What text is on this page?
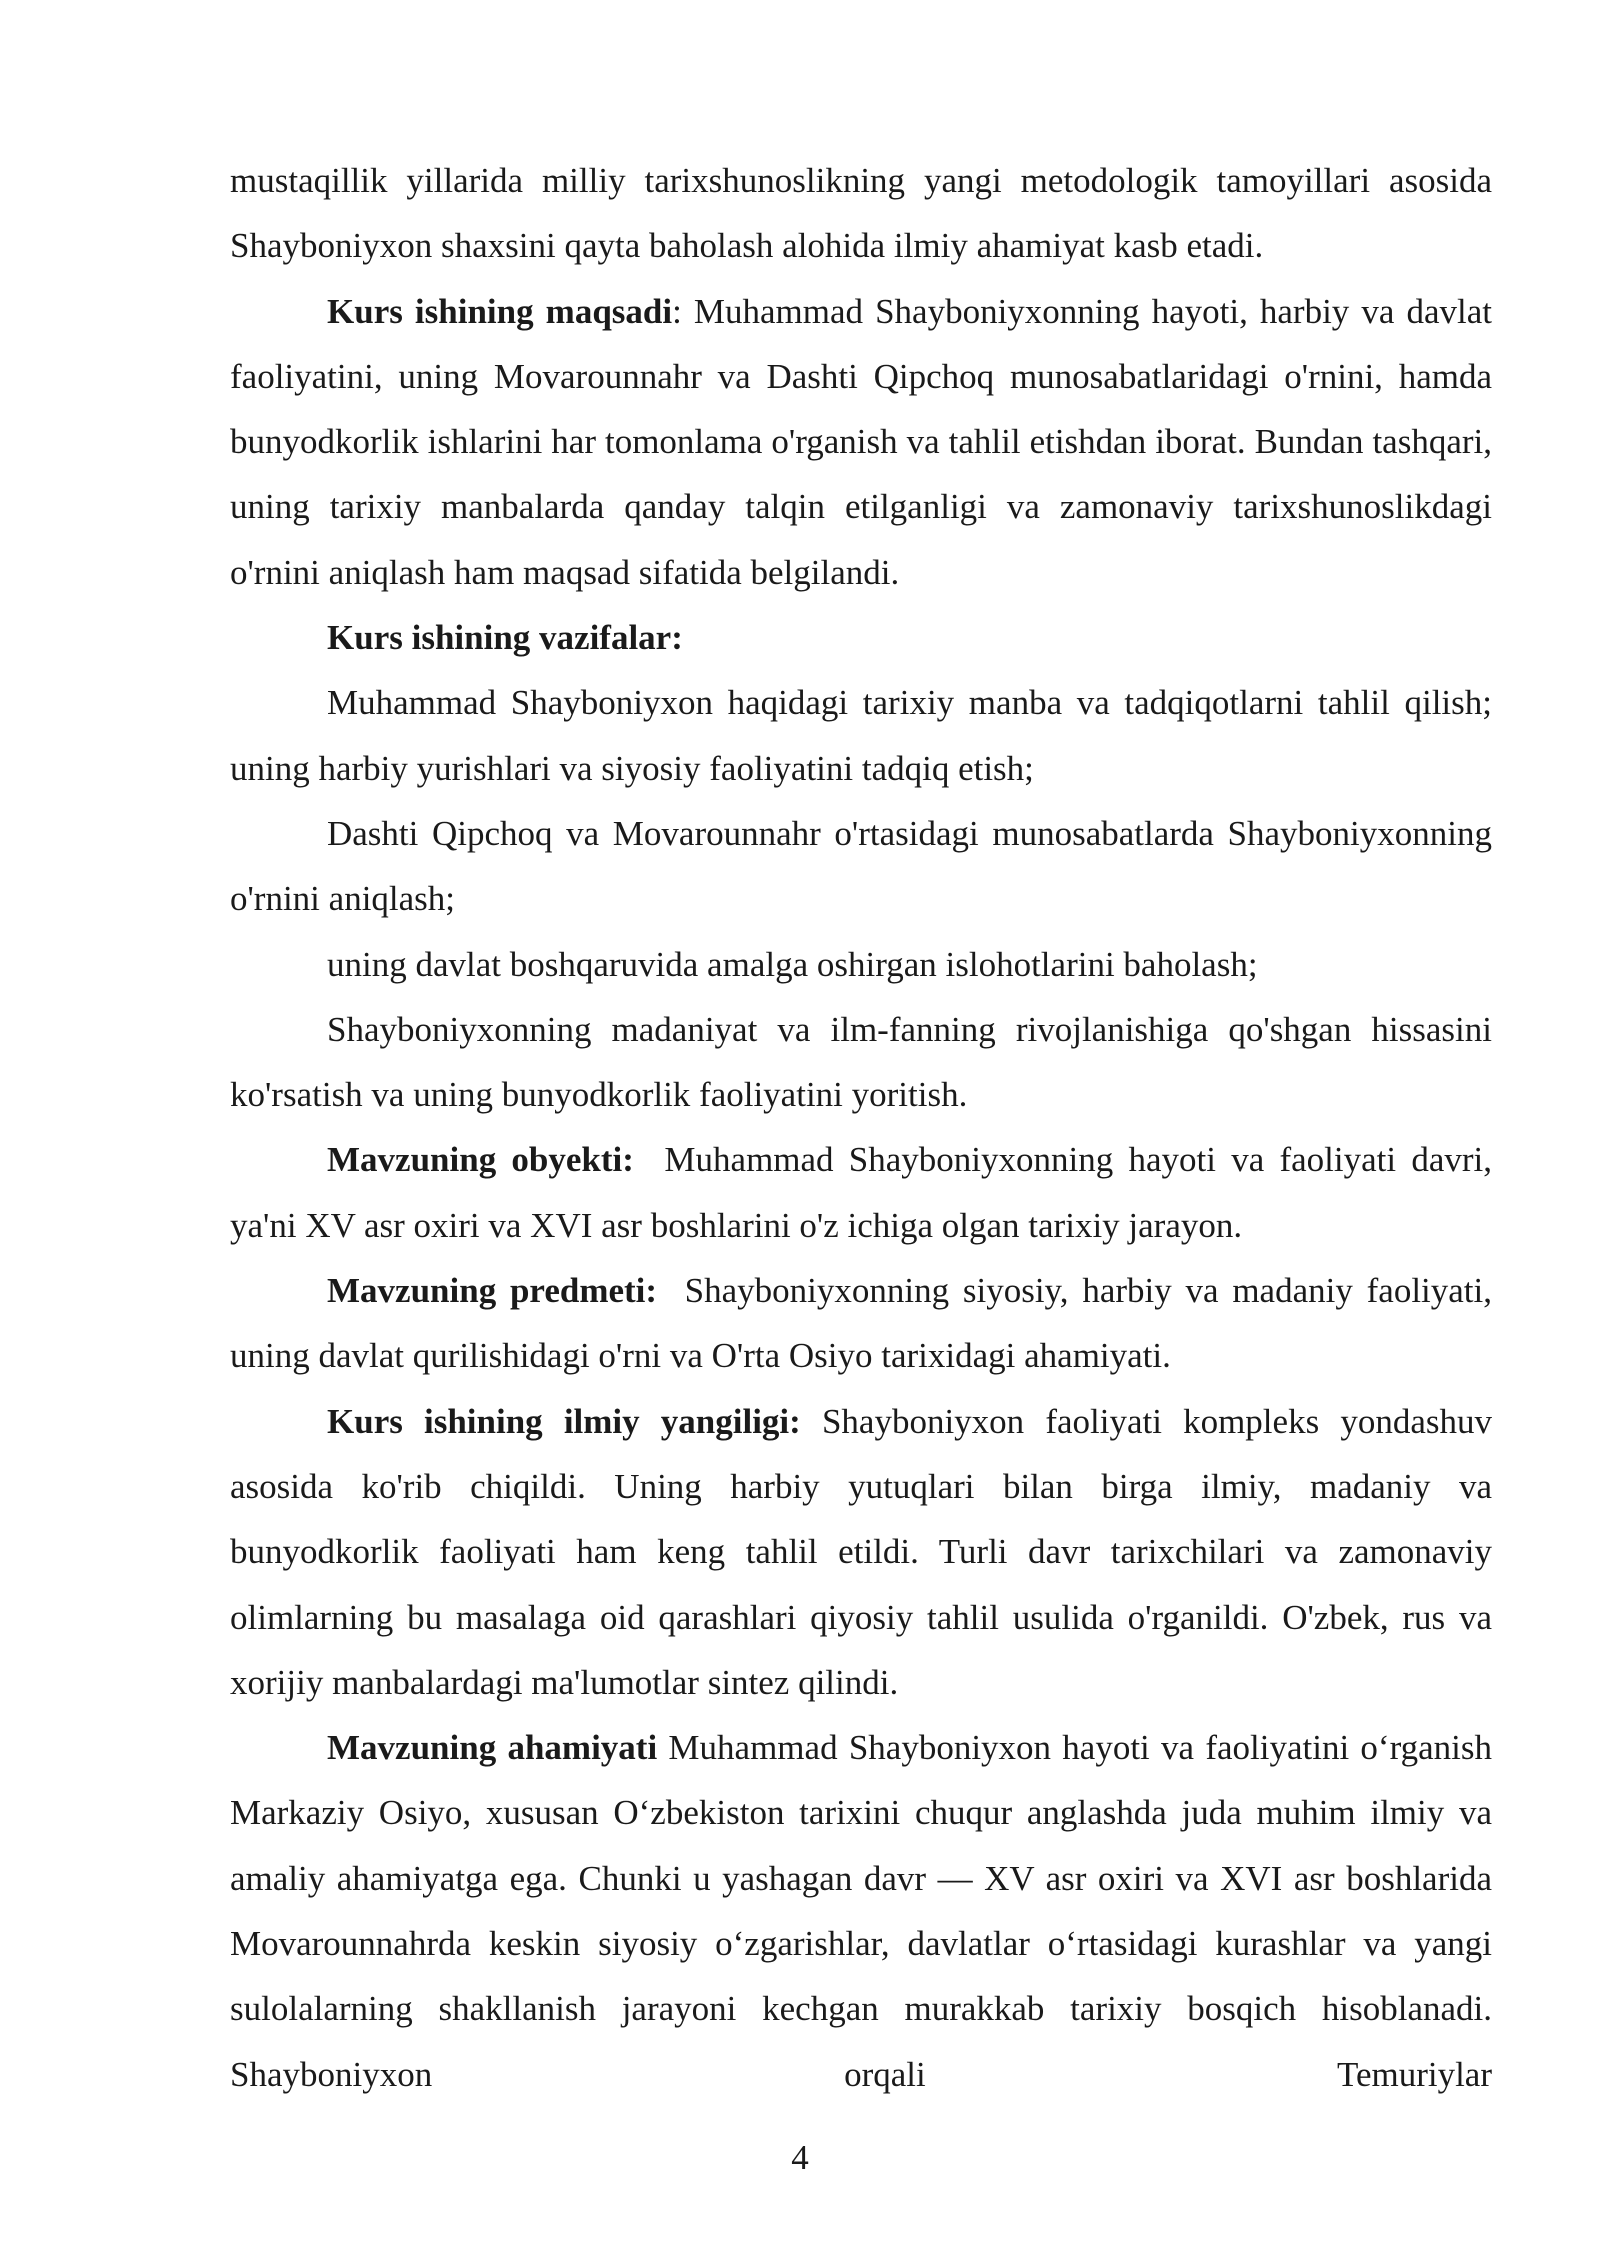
mustaqillik yillarida milliy tarixshunoslikning yangi metodologik tamoyillari asosida Shayboniyxon shaxsini qayta baholash alohida ilmiy ahamiyat kasb etadi.

Kurs ishining maqsadi: Muhammad Shayboniyxonning hayoti, harbiy va davlat faoliyatini, uning Movarounnahr va Dashti Qipchoq munosabatlaridagi o'rnini, hamda bunyodkorlik ishlarini har tomonlama o'rganish va tahlil etishdan iborat. Bundan tashqari, uning tarixiy manbalarda qanday talqin etilganligi va zamonaviy tarixshunoslikdagi o'rnini aniqlash ham maqsad sifatida belgilandi.

Kurs ishining vazifalar:

Muhammad Shayboniyxon haqidagi tarixiy manba va tadqiqotlarni tahlil qilish; uning harbiy yurishlari va siyosiy faoliyatini tadqiq etish;

Dashti Qipchoq va Movarounnahr o'rtasidagi munosabatlarda Shayboniyxonning o'rnini aniqlash;

uning davlat boshqaruvida amalga oshirgan islohotlarini baholash;

Shayboniyxonning madaniyat va ilm-fanning rivojlanishiga qo'shgan hissasini ko'rsatish va uning bunyodkorlik faoliyatini yoritish.

Mavzuning obyekti:  Muhammad Shayboniyxonning hayoti va faoliyati davri, ya'ni XV asr oxiri va XVI asr boshlarini o'z ichiga olgan tarixiy jarayon.

Mavzuning predmeti:  Shayboniyxonning siyosiy, harbiy va madaniy faoliyati, uning davlat qurilishidagi o'rni va O'rta Osiyo tarixidagi ahamiyati.

Kurs ishining ilmiy yangiligi: Shayboniyxon faoliyati kompleks yondashuv asosida ko'rib chiqildi. Uning harbiy yutuqlari bilan birga ilmiy, madaniy va bunyodkorlik faoliyati ham keng tahlil etildi. Turli davr tarixchilari va zamonaviy olimlarning bu masalaga oid qarashlari qiyosiy tahlil usulida o'rganildi. O'zbek, rus va xorijiy manbalardagi ma'lumotlar sintez qilindi.

Mavzuning ahamiyati Muhammad Shayboniyxon hayoti va faoliyatini o‘rganish Markaziy Osiyo, xususan O‘zbekiston tarixini chuqur anglashda juda muhim ilmiy va amaliy ahamiyatga ega. Chunki u yashagan davr — XV asr oxiri va XVI asr boshlarida Movarounnahrda keskin siyosiy o‘zgarishlar, davlatlar o‘rtasidagi kurashlar va yangi sulolalarning shakllanish jarayoni kechgan murakkab tarixiy bosqich hisoblanadi. Shayboniyxon orqali Temuriylar

4
